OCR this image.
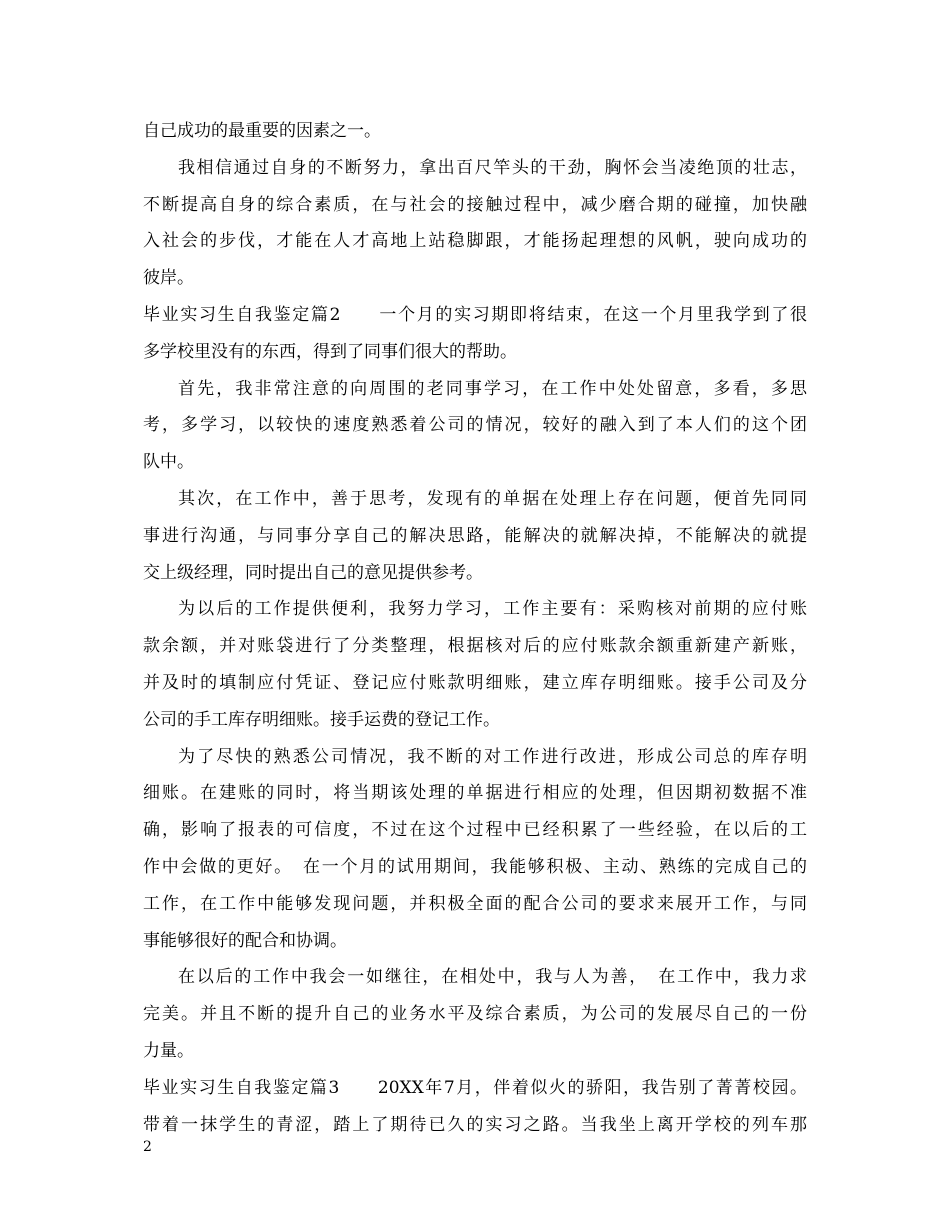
自己成功的最重要的因素之一。
我相信通过自身的不断努力，拿出百尺竿头的干劲，胸怀会当凌绝顶的壮志，
不断提高自身的综合素质，在与社会的接触过程中，减少磨合期的碰撞，加快融
入社会的步伐，才能在人才高地上站稳脚跟，才能扬起理想的风帆，驶向成功的
彼岸。
毕业实习生自我鉴定篇2　　一个月的实习期即将结束，在这一个月里我学到了很
多学校里没有的东西，得到了同事们很大的帮助。
首先，我非常注意的向周围的老同事学习，在工作中处处留意，多看，多思
考，多学习，以较快的速度熟悉着公司的情况，较好的融入到了本人们的这个团
队中。
其次，在工作中，善于思考，发现有的单据在处理上存在问题，便首先同同
事进行沟通，与同事分享自己的解决思路，能解决的就解决掉，不能解决的就提
交上级经理，同时提出自己的意见提供参考。
为以后的工作提供便利，我努力学习，工作主要有：采购核对前期的应付账
款余额，并对账袋进行了分类整理，根据核对后的应付账款余额重新建产新账，
并及时的填制应付凭证、登记应付账款明细账，建立库存明细账。接手公司及分
公司的手工库存明细账。接手运费的登记工作。
为了尽快的熟悉公司情况，我不断的对工作进行改进，形成公司总的库存明
细账。在建账的同时，将当期该处理的单据进行相应的处理，但因期初数据不准
确，影响了报表的可信度，不过在这个过程中已经积累了一些经验，在以后的工
作中会做的更好。　在一个月的试用期间，我能够积极、主动、熟练的完成自己的
工作，在工作中能够发现问题，并积极全面的配合公司的要求来展开工作，与同
事能够很好的配合和协调。
在以后的工作中我会一如继往，在相处中，我与人为善，　在工作中，我力求
完美。并且不断的提升自己的业务水平及综合素质，为公司的发展尽自己的一份
力量。
毕业实习生自我鉴定篇3　　20XX年7月，伴着似火的骄阳，我告别了菁菁校园。
带着一抹学生的青涩，踏上了期待已久的实习之路。当我坐上离开学校的列车那
2
